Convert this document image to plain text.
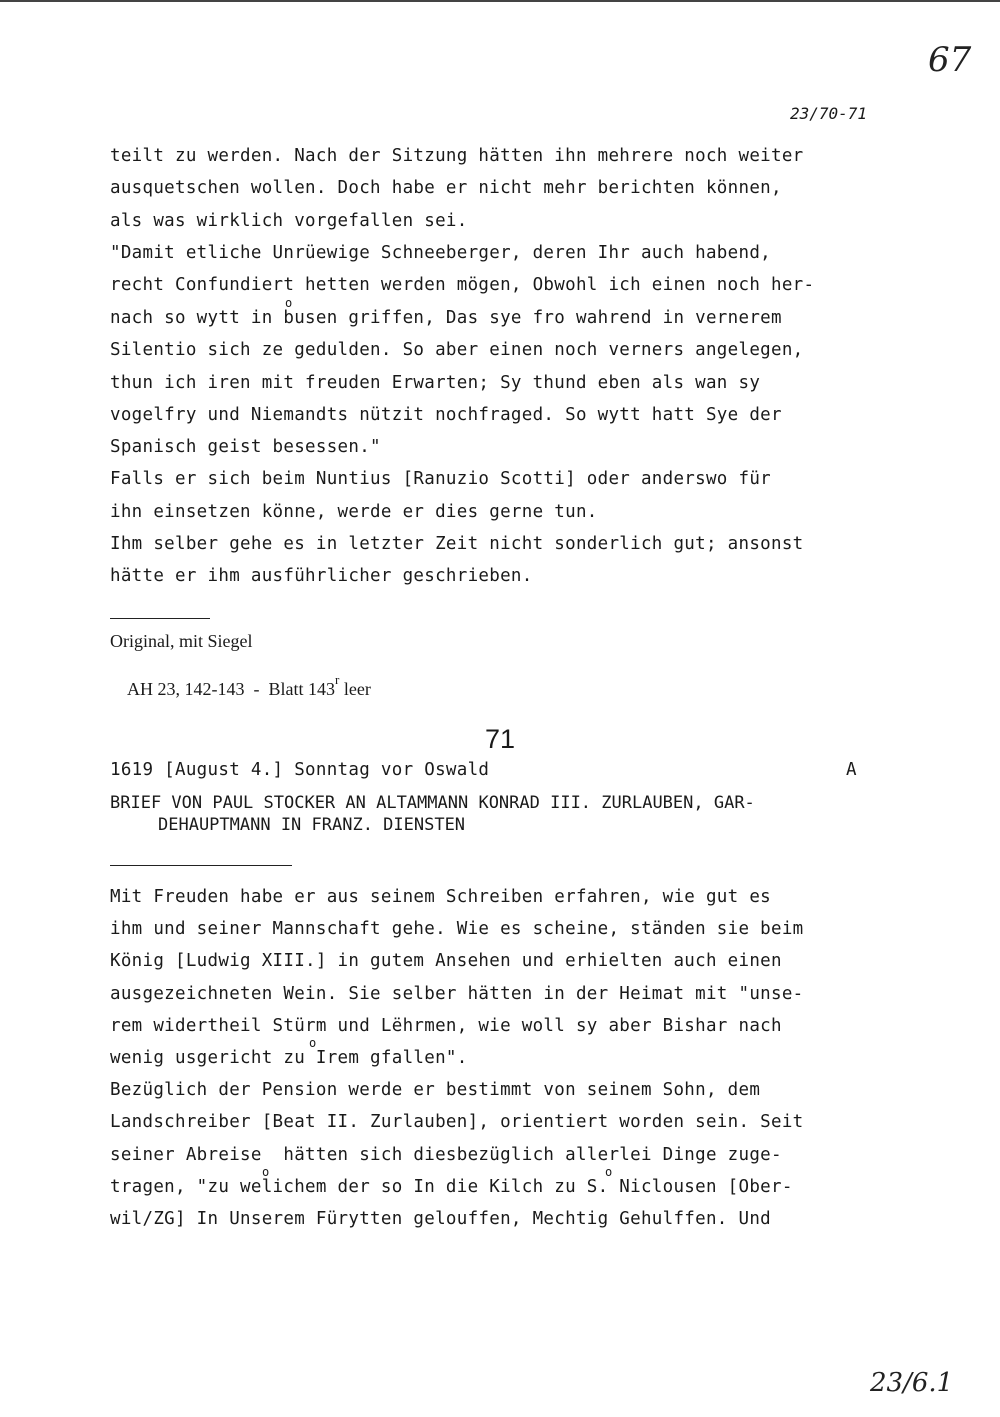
67
23/70-71
teilt zu werden. Nach der Sitzung hätten ihn mehrere noch weiter
ausquetschen wollen. Doch habe er nicht mehr berichten können,
als was wirklich vorgefallen sei.
"Damit etliche Unrüewige Schneeberger, deren Ihr auch habend,
recht Confundiert hetten werden mögen, Obwohl ich einen noch her-
o
nach so wytt in busen griffen, Das sye fro wahrend in vernerem
Silentio sich ze gedulden. So aber einen noch verners angelegen,
thun ich iren mit freuden Erwarten; Sy thund eben als wan sy
vogelfry und Niemandts nützit nochfraged. So wytt hatt Sye der
Spanisch geist besessen."
Falls er sich beim Nuntius [Ranuzio Scotti] oder anderswo für
ihn einsetzen könne, werde er dies gerne tun.
Ihm selber gehe es in letzter Zeit nicht sonderlich gut; ansonst
hätte er ihm ausführlicher geschrieben.
Original, mit Siegel

AH 23, 142-143 - Blatt 143$^r$ leer

71
1619 [August 4.] Sonntag vor Oswald	A
BRIEF VON PAUL STOCKER AN ALTAMMANN KONRAD III. ZURLAUBEN, GAR-
DEHAUPTMANN IN FRANZ. DIENSTEN
Mit Freuden habe er aus seinem Schreiben erfahren, wie gut es
ihm und seiner Mannschaft gehe. Wie es scheine, ständen sie beim
König [Ludwig XIII.] in gutem Ansehen und erhielten auch einen
ausgezeichneten Wein. Sie selber hätten in der Heimat mit "unse-
rem widertheil Stürm und Lëhrmen, wie woll sy aber Bishar nach
o
wenig usgericht zu Irem gfallen".
Bezüglich der Pension werde er bestimmt von seinem Sohn, dem
Landschreiber [Beat II. Zurlauben], orientiert worden sein. Seit
seiner Abreise  hätten sich diesbezüglich allerlei Dinge zuge-
o	o
tragen, "zu welichem der so In die Kilch zu S. Niclousen [Ober-
wil/ZG] In Unserem Fürytten gelouffen, Mechtig Gehulffen. Und
23/6.1
